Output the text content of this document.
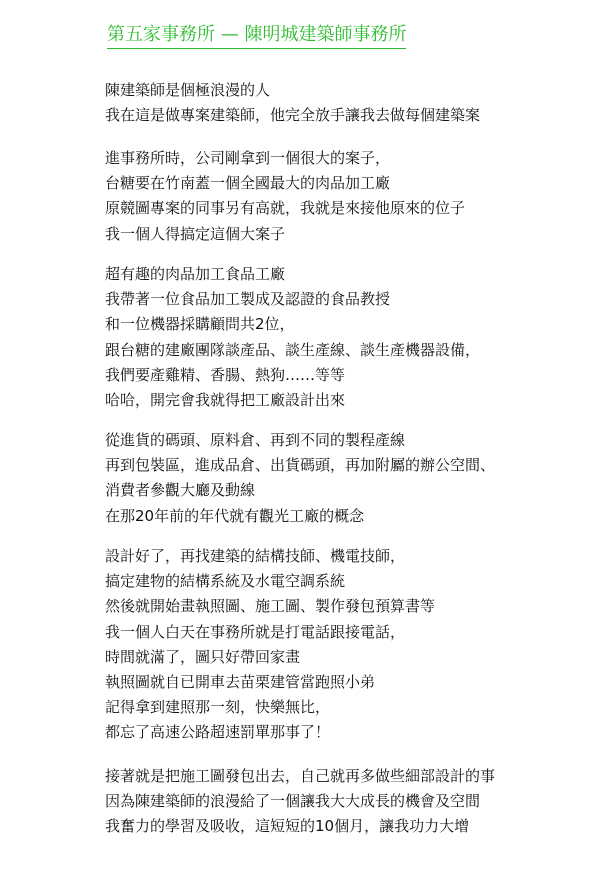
第五家事務所 — 陳明城建築師事務所
陳建築師是個極浪漫的人
我在這是做專案建築師，他完全放手讓我去做每個建築案
進事務所時，公司剛拿到一個很大的案子，
台糖要在竹南蓋一個全國最大的肉品加工廠
原競圖專案的同事另有高就，我就是來接他原來的位子
我一個人得搞定這個大案子
超有趣的肉品加工食品工廠
我帶著一位食品加工製成及認證的食品教授
和一位機器採購顧問共2位，
跟台糖的建廠團隊談產品、談生產線、談生產機器設備，
我們要產雞精、香腸、熱狗……等等
哈哈，開完會我就得把工廠設計出來
從進貨的碼頭、原料倉、再到不同的製程產線
再到包裝區，進成品倉、出貨碼頭，再加附屬的辦公空間、
消費者參觀大廳及動線
在那20年前的年代就有觀光工廠的概念
設計好了，再找建築的結構技師、機電技師，
搞定建物的結構系統及水電空調系統
然後就開始畫執照圖、施工圖、製作發包預算書等
我一個人白天在事務所就是打電話跟接電話，
時間就滿了，圖只好帶回家畫
執照圖就自已開車去苗栗建管當跑照小弟
記得拿到建照那一刻，快樂無比，
都忘了高速公路超速罰單那事了！
接著就是把施工圖發包出去，自己就再多做些細部設計的事
因為陳建築師的浪漫給了一個讓我大大成長的機會及空間
我奮力的學習及吸收，這短短的10個月，讓我功力大增
